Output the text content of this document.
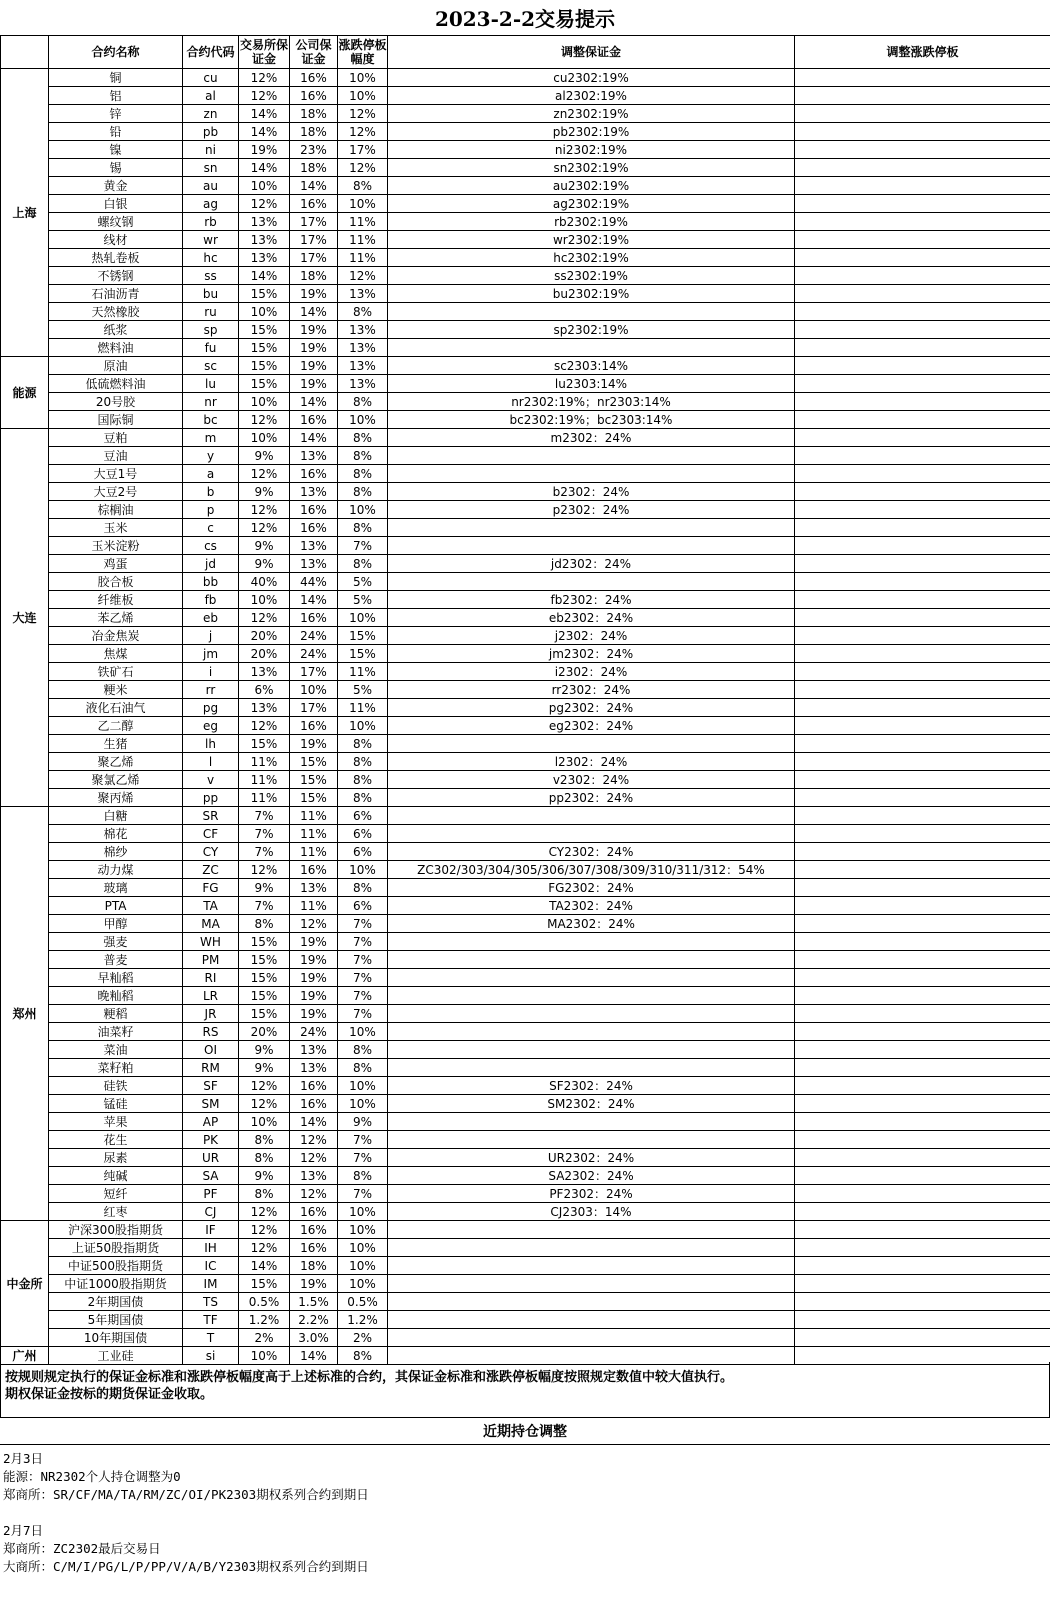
2023-2-2交易提示
	合约名称	合约代码	交易所保证金	公司保证金	涨跌停板幅度	调整保证金	调整涨跌停板
上海	铜	cu	12%	16%	10%	cu2302:19%	
	铝	al	12%	16%	10%	al2302:19%	
	锌	zn	14%	18%	12%	zn2302:19%	
	铅	pb	14%	18%	12%	pb2302:19%	
	镍	ni	19%	23%	17%	ni2302:19%	
	锡	sn	14%	18%	12%	sn2302:19%	
	黄金	au	10%	14%	8%	au2302:19%	
	白银	ag	12%	16%	10%	ag2302:19%	
	螺纹钢	rb	13%	17%	11%	rb2302:19%	
	线材	wr	13%	17%	11%	wr2302:19%	
	热轧卷板	hc	13%	17%	11%	hc2302:19%	
	不锈钢	ss	14%	18%	12%	ss2302:19%	
	石油沥青	bu	15%	19%	13%	bu2302:19%	
	天然橡胶	ru	10%	14%	8%		
	纸浆	sp	15%	19%	13%	sp2302:19%	
	燃料油	fu	15%	19%	13%		
能源	原油	sc	15%	19%	13%	sc2303:14%	
	低硫燃料油	lu	15%	19%	13%	lu2303:14%	
	20号胶	nr	10%	14%	8%	nr2302:19%；nr2303:14%	
	国际铜	bc	12%	16%	10%	bc2302:19%；bc2303:14%	
大连	豆粕	m	10%	14%	8%	m2302：24%	
	豆油	y	9%	13%	8%		
	大豆1号	a	12%	16%	8%		
	大豆2号	b	9%	13%	8%	b2302：24%	
	棕榈油	p	12%	16%	10%	p2302：24%	
	玉米	c	12%	16%	8%		
	玉米淀粉	cs	9%	13%	7%		
	鸡蛋	jd	9%	13%	8%	jd2302：24%	
	胶合板	bb	40%	44%	5%		
	纤维板	fb	10%	14%	5%	fb2302：24%	
	苯乙烯	eb	12%	16%	10%	eb2302：24%	
	冶金焦炭	j	20%	24%	15%	j2302：24%	
	焦煤	jm	20%	24%	15%	jm2302：24%	
	铁矿石	i	13%	17%	11%	i2302：24%	
	粳米	rr	6%	10%	5%	rr2302：24%	
	液化石油气	pg	13%	17%	11%	pg2302：24%	
	乙二醇	eg	12%	16%	10%	eg2302：24%	
	生猪	lh	15%	19%	8%		
	聚乙烯	l	11%	15%	8%	l2302：24%	
	聚氯乙烯	v	11%	15%	8%	v2302：24%	
	聚丙烯	pp	11%	15%	8%	pp2302：24%	
郑州	白糖	SR	7%	11%	6%		
	棉花	CF	7%	11%	6%		
	棉纱	CY	7%	11%	6%	CY2302：24%	
	动力煤	ZC	12%	16%	10%	ZC302/303/304/305/306/307/308/309/310/311/312：54%	
	玻璃	FG	9%	13%	8%	FG2302：24%	
	PTA	TA	7%	11%	6%	TA2302：24%	
	甲醇	MA	8%	12%	7%	MA2302：24%	
	强麦	WH	15%	19%	7%		
	普麦	PM	15%	19%	7%		
	早籼稻	RI	15%	19%	7%		
	晚籼稻	LR	15%	19%	7%		
	粳稻	JR	15%	19%	7%		
	油菜籽	RS	20%	24%	10%		
	菜油	OI	9%	13%	8%		
	菜籽粕	RM	9%	13%	8%		
	硅铁	SF	12%	16%	10%	SF2302：24%	
	锰硅	SM	12%	16%	10%	SM2302：24%	
	苹果	AP	10%	14%	9%		
	花生	PK	8%	12%	7%		
	尿素	UR	8%	12%	7%	UR2302：24%	
	纯碱	SA	9%	13%	8%	SA2302：24%	
	短纤	PF	8%	12%	7%	PF2302：24%	
	红枣	CJ	12%	16%	10%	CJ2303：14%	
中金所	沪深300股指期货	IF	12%	16%	10%		
	上证50股指期货	IH	12%	16%	10%		
	中证500股指期货	IC	14%	18%	10%		
	中证1000股指期货	IM	15%	19%	10%		
	2年期国债	TS	0.5%	1.5%	0.5%		
	5年期国债	TF	1.2%	2.2%	1.2%		
	10年期国债	T	2%	3.0%	2%		
广州	工业硅	si	10%	14%	8%		
按规则规定执行的保证金标准和涨跌停板幅度高于上述标准的合约，其保证金标准和涨跌停板幅度按照规定数值中较大值执行。
期权保证金按标的期货保证金收取。
近期持仓调整
2月3日
能源：NR2302个人持仓调整为0
郑商所：SR/CF/MA/TA/RM/ZC/OI/PK2303期权系列合约到期日
2月7日
郑商所：ZC2302最后交易日
大商所：C/M/I/PG/L/P/PP/V/A/B/Y2303期权系列合约到期日
